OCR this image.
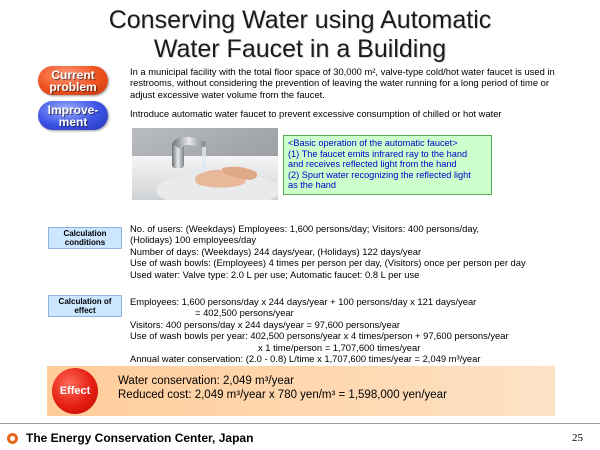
Conserving Water using Automatic
Water Faucet in a Building
Current problem
In a municipal facility with the total floor space of 30,000 m², valve-type cold/hot water faucet is used in restrooms, without considering the prevention of leaving the water running for a long period of time or adjust excessive water volume from the faucet.
Improve-ment
Introduce automatic water faucet to prevent excessive consumption of chilled or hot water
<Basic operation of the automatic faucet>
(1) The faucet emits infrared ray to the hand
and receives reflected light from the hand
(2) Spurt water recognizing the reflected light
as the hand
Calculation conditions
No. of users: (Weekdays) Employees: 1,600 persons/day; Visitors: 400 persons/day,
(Holidays) 100 employees/day
Number of days: (Weekdays) 244 days/year, (Holidays) 122 days/year
Use of wash bowls: (Employees) 4 times per person per day, (Visitors) once per person per day
Used water: Valve type: 2.0 L per use; Automatic faucet: 0.8 L per use
Calculation of effect
Employees: 1,600 persons/day x 244 days/year + 100 persons/day x 121 days/year
= 402,500 persons/year
Visitors: 400 persons/day x 244 days/year = 97,600 persons/year
Use of wash bowls per year: 402,500 persons/year x 4 times/person + 97,600 persons/year
x 1 time/person = 1,707,600 times/year
Annual water conservation: (2.0 - 0.8) L/time x 1,707,600 times/year = 2,049 m³/year
Effect
Water conservation: 2,049 m³/year
Reduced cost: 2,049 m³/year x 780 yen/m³ = 1,598,000 yen/year
The Energy Conservation Center, Japan	25
